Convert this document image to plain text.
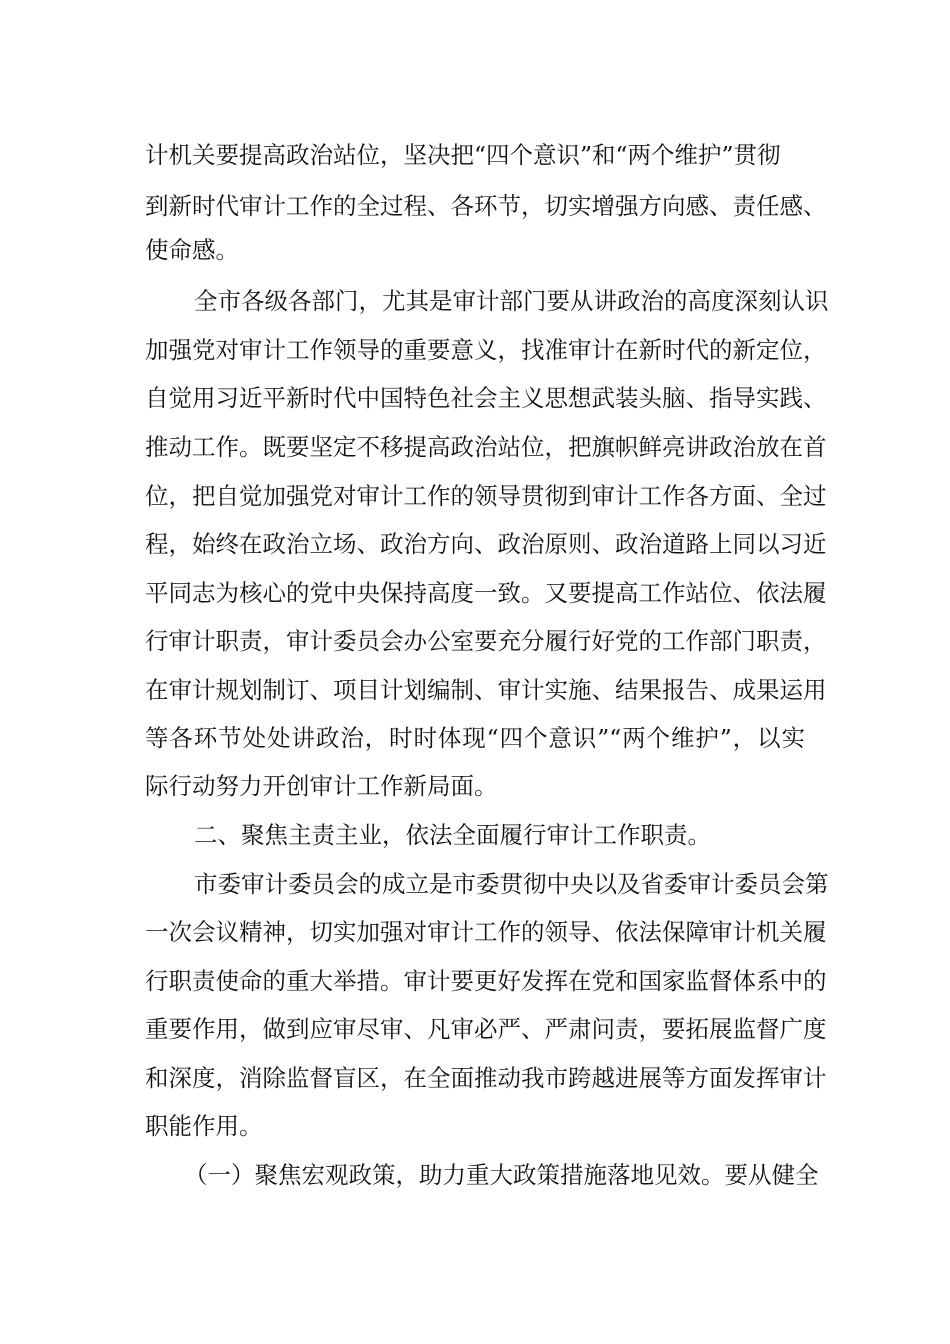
计机关要提高政治站位，坚决把“四个意识”和“两个维护”贯彻
到新时代审计工作的全过程、各环节，切实增强方向感、责任感、
使命感。
全市各级各部门，尤其是审计部门要从讲政治的高度深刻认识
加强党对审计工作领导的重要意义，找准审计在新时代的新定位，
自觉用习近平新时代中国特色社会主义思想武装头脑、指导实践、
推动工作。既要坚定不移提高政治站位，把旗帜鲜亮讲政治放在首
位，把自觉加强党对审计工作的领导贯彻到审计工作各方面、全过
程，始终在政治立场、政治方向、政治原则、政治道路上同以习近
平同志为核心的党中央保持高度一致。又要提高工作站位、依法履
行审计职责，审计委员会办公室要充分履行好党的工作部门职责，
在审计规划制订、项目计划编制、审计实施、结果报告、成果运用
等各环节处处讲政治，时时体现“四个意识”“两个维护”，以实
际行动努力开创审计工作新局面。
二、聚焦主责主业，依法全面履行审计工作职责。
市委审计委员会的成立是市委贯彻中央以及省委审计委员会第
一次会议精神，切实加强对审计工作的领导、依法保障审计机关履
行职责使命的重大举措。审计要更好发挥在党和国家监督体系中的
重要作用，做到应审尽审、凡审必严、严肃问责，要拓展监督广度
和深度，消除监督盲区，在全面推动我市跨越进展等方面发挥审计
职能作用。
（一）聚焦宏观政策，助力重大政策措施落地见效。要从健全
